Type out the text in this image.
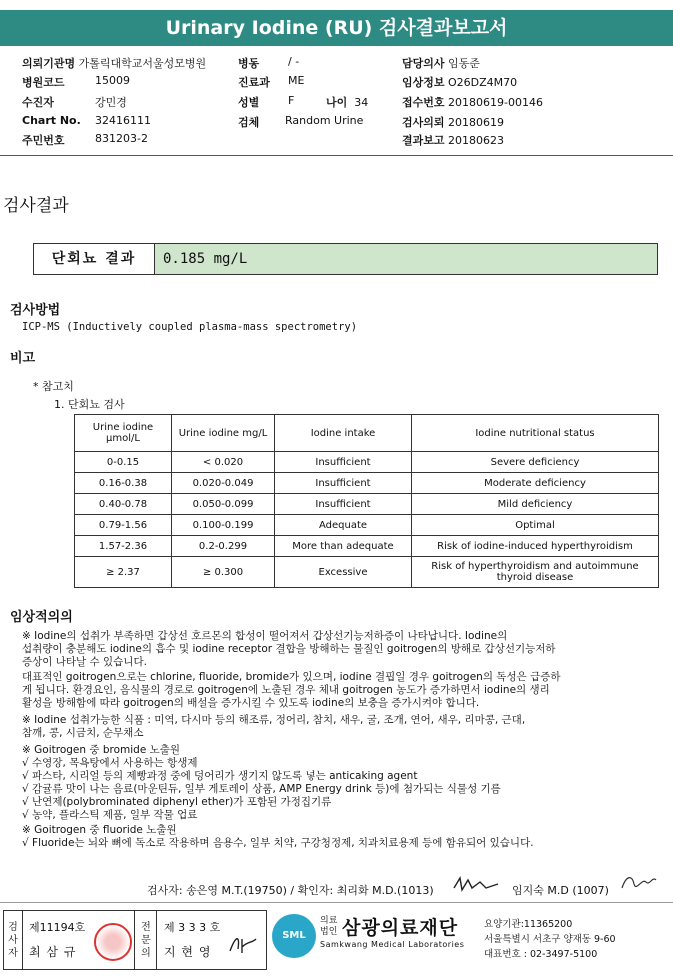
Urinary Iodine (RU) 검사결과보고서
의뢰기관명 가톨릭대학교서울성모병원	병동	/ -	담당의사 임동준
병원코드	15009	진료과 ME	임상정보 O26DZ4M70
수진자	강민경	성별	F	나이 34	접수번호 20180619-00146
Chart No. 32416111	검체 Random Urine	검사의뢰 20180619
주민번호	831203-2	결과보고 20180623
검사결과
단회뇨 결과	0.185 mg/L
검사방법
ICP-MS (Inductively coupled plasma-mass spectrometry)
비고
* 참고치
1. 단회뇨 검사
Urine iodine μmol/L	Urine iodine mg/L	Iodine intake	Iodine nutritional status
0-0.15	< 0.020	Insufficient	Severe deficiency
0.16-0.38	0.020-0.049	Insufficient	Moderate deficiency
0.40-0.78	0.050-0.099	Insufficient	Mild deficiency
0.79-1.56	0.100-0.199	Adequate	Optimal
1.57-2.36	0.2-0.299	More than adequate	Risk of iodine-induced hyperthyroidism
≥ 2.37	≥ 0.300	Excessive	Risk of hyperthyroidism and autoimmune thyroid disease
임상적의의
※ Iodine의 섭취가 부족하면 갑상선 호르몬의 합성이 떨어져서 갑상선기능저하증이 나타납니다. Iodine의
섭취량이 충분해도 iodine의 흡수 및 iodine receptor 결합을 방해하는 물질인 goitrogen의 방해로 갑상선기능저하
증상이 나타날 수 있습니다.
대표적인 goitrogen으로는 chlorine, fluoride, bromide가 있으며, iodine 결핍일 경우 goitrogen의 독성은 급증하
게 됩니다. 환경요인, 음식물의 경로로 goitrogen에 노출된 경우 체내 goitrogen 농도가 증가하면서 iodine의 생리
활성을 방해함에 따라 goitrogen의 배설을 증가시킬 수 있도록 iodine의 보충을 증가시켜야 합니다.
※ Iodine 섭취가능한 식품 : 미역, 다시마 등의 해조류, 정어리, 참치, 새우, 굴, 조개, 연어, 새우, 리마콩, 근대,
참깨, 콩, 시금치, 순무채소
※ Goitrogen 중 bromide 노출원
√ 수영장, 목욕탕에서 사용하는 항생제
√ 파스타, 시리얼 등의 제빵과정 중에 덩어리가 생기지 않도록 넣는 anticaking agent
√ 감귤류 맛이 나는 음료(마운틴듀, 일부 게토레이 상품, AMP Energy drink 등)에 첨가되는 식물성 기름
√ 난연제(polybrominated diphenyl ether)가 포함된 가정집기류
√ 농약, 플라스틱 제품, 일부 작물 업료
※ Goitrogen 중 fluoride 노출원
√ Fluoride는 뇌와 뼈에 독소로 작용하며 음용수, 일부 치약, 구강청정제, 치과치료용제 등에 함유되어 있습니다.
검사자: 송은영 M.T.(19750) / 확인자: 최리화 M.D.(1013)	임지숙 M.D (1007)
검사자
제11194호
최 삼 규
전문의
제 3 3 3 호
지 현 영
SML
의료법인 삼광의료재단
Samkwang Medical Laboratories
요양기관:11365200
서울특별시 서초구 양재동 9-60
대표번호 : 02-3497-5100
